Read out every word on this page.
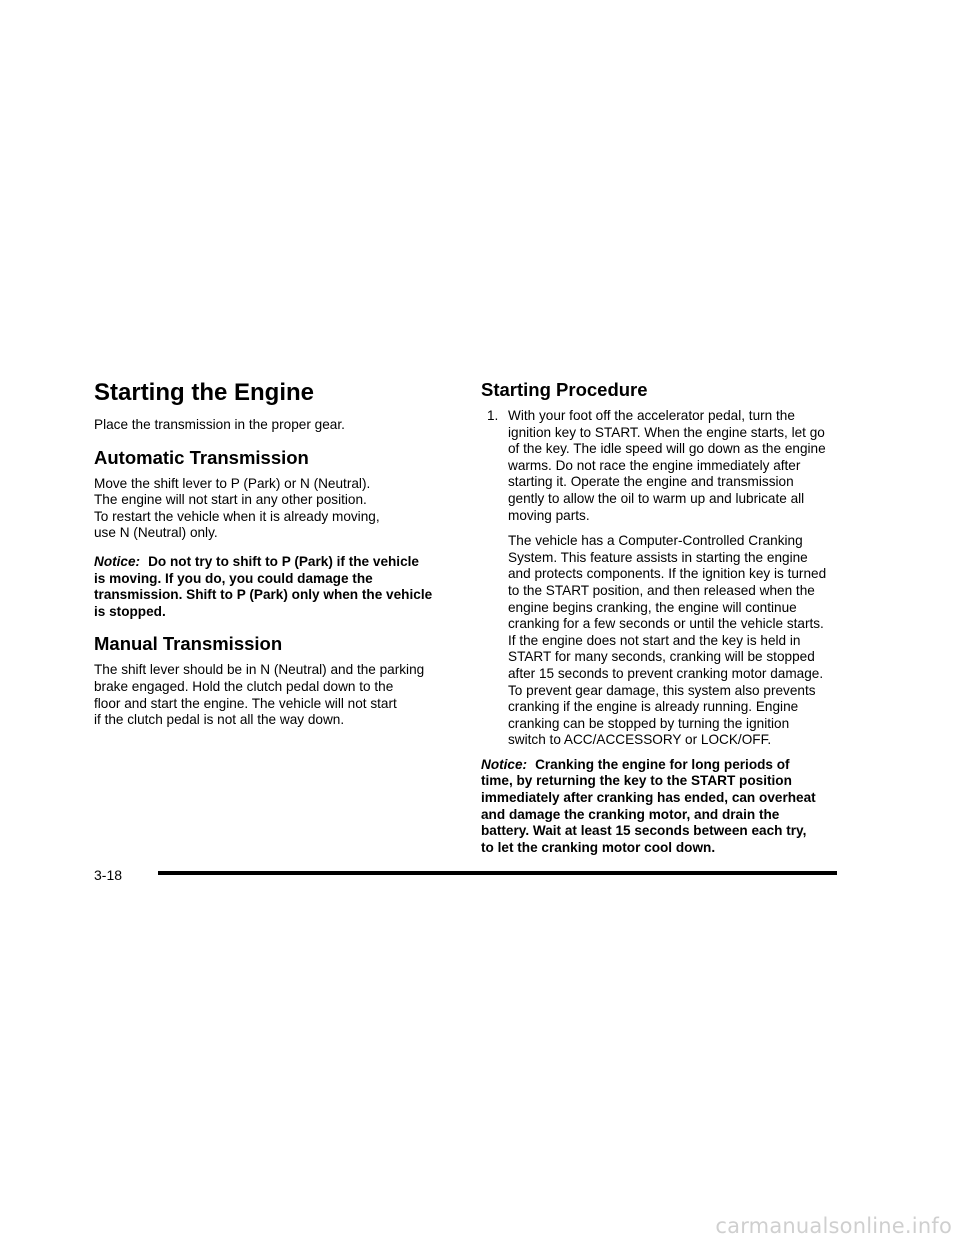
Starting the Engine

Place the transmission in the proper gear.

Automatic Transmission

Move the shift lever to P (Park) or N (Neutral).
The engine will not start in any other position.
To restart the vehicle when it is already moving,
use N (Neutral) only.

Notice: Do not try to shift to P (Park) if the vehicle
is moving. If you do, you could damage the
transmission. Shift to P (Park) only when the vehicle
is stopped.

Manual Transmission

The shift lever should be in N (Neutral) and the parking
brake engaged. Hold the clutch pedal down to the
floor and start the engine. The vehicle will not start
if the clutch pedal is not all the way down.

Starting Procedure
1. With your foot off the accelerator pedal, turn the
ignition key to START. When the engine starts, let go
of the key. The idle speed will go down as the engine
warms. Do not race the engine immediately after
starting it. Operate the engine and transmission
gently to allow the oil to warm up and lubricate all
moving parts.

The vehicle has a Computer-Controlled Cranking
System. This feature assists in starting the engine
and protects components. If the ignition key is turned
to the START position, and then released when the
engine begins cranking, the engine will continue
cranking for a few seconds or until the vehicle starts.
If the engine does not start and the key is held in
START for many seconds, cranking will be stopped
after 15 seconds to prevent cranking motor damage.
To prevent gear damage, this system also prevents
cranking if the engine is already running. Engine
cranking can be stopped by turning the ignition
switch to ACC/ACCESSORY or LOCK/OFF.

Notice: Cranking the engine for long periods of
time, by returning the key to the START position
immediately after cranking has ended, can overheat
and damage the cranking motor, and drain the
battery. Wait at least 15 seconds between each try,
to let the cranking motor cool down.

3-18
carmanualsonline.info
